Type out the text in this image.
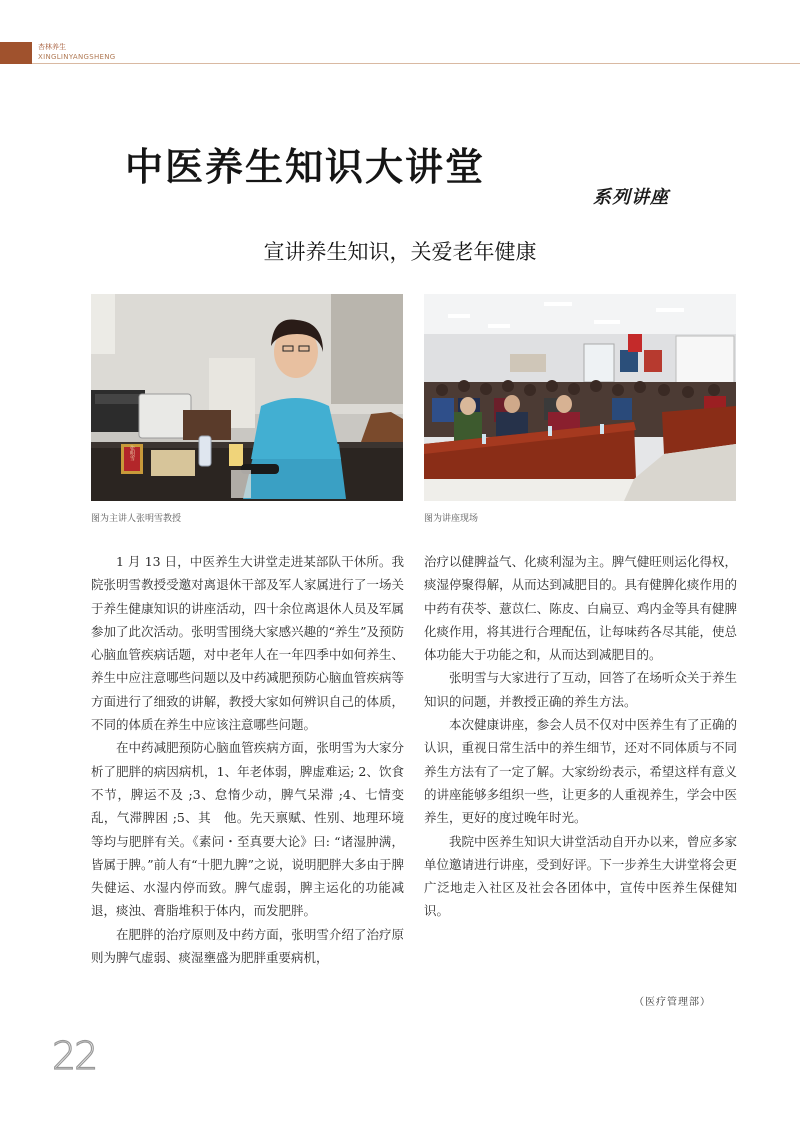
杏林养生
XINGLINYANGSHENG
中医养生知识大讲堂
系列讲座
宣讲养生知识，关爱老年健康
张明雪
图为主讲人张明雪教授	图为讲座现场

1 月 13 日，中医养生大讲堂走进某部队干休所。我院张明雪教授受邀对离退休干部及军人家属进行了一场关于养生健康知识的讲座活动，四十余位离退休人员及军属参加了此次活动。张明雪围绕大家感兴趣的“养生”及预防心脑血管疾病话题，对中老年人在一年四季中如何养生、养生中应注意哪些问题以及中药减肥预防心脑血管疾病等方面进行了细致的讲解，教授大家如何辨识自己的体质，不同的体质在养生中应该注意哪些问题。

在中药减肥预防心脑血管疾病方面，张明雪为大家分析了肥胖的病因病机，1、年老体弱，脾虚难运; 2、饮食不节，脾运不及 ;3、怠惰少动，脾气呆滞 ;4、七情变乱，气滞脾困 ;5、其　他。先天禀赋、性别、地理环境等均与肥胖有关。《素问・至真要大论》曰: “诸湿肿满，皆属于脾。”前人有“十肥九脾”之说，说明肥胖大多由于脾失健运、水湿内停而致。脾气虚弱，脾主运化的功能减退，痰浊、膏脂堆积于体内，而发肥胖。

在肥胖的治疗原则及中药方面，张明雪介绍了治疗原则为脾气虚弱、痰湿壅盛为肥胖重要病机，

治疗以健脾益气、化痰利湿为主。脾气健旺则运化得权，痰湿停聚得解，从而达到减肥目的。具有健脾化痰作用的中药有茯苓、薏苡仁、陈皮、白扁豆、鸡内金等具有健脾化痰作用，将其进行合理配伍，让每味药各尽其能，使总体功能大于功能之和，从而达到减肥目的。

张明雪与大家进行了互动，回答了在场听众关于养生知识的问题，并教授正确的养生方法。

本次健康讲座，参会人员不仅对中医养生有了正确的认识，重视日常生活中的养生细节，还对不同体质与不同养生方法有了一定了解。大家纷纷表示，希望这样有意义的讲座能够多组织一些，让更多的人重视养生，学会中医养生，更好的度过晚年时光。

我院中医养生知识大讲堂活动自开办以来，曾应多家单位邀请进行讲座，受到好评。下一步养生大讲堂将会更广泛地走入社区及社会各团体中，宣传中医养生保健知识。

（医疗管理部）
22
